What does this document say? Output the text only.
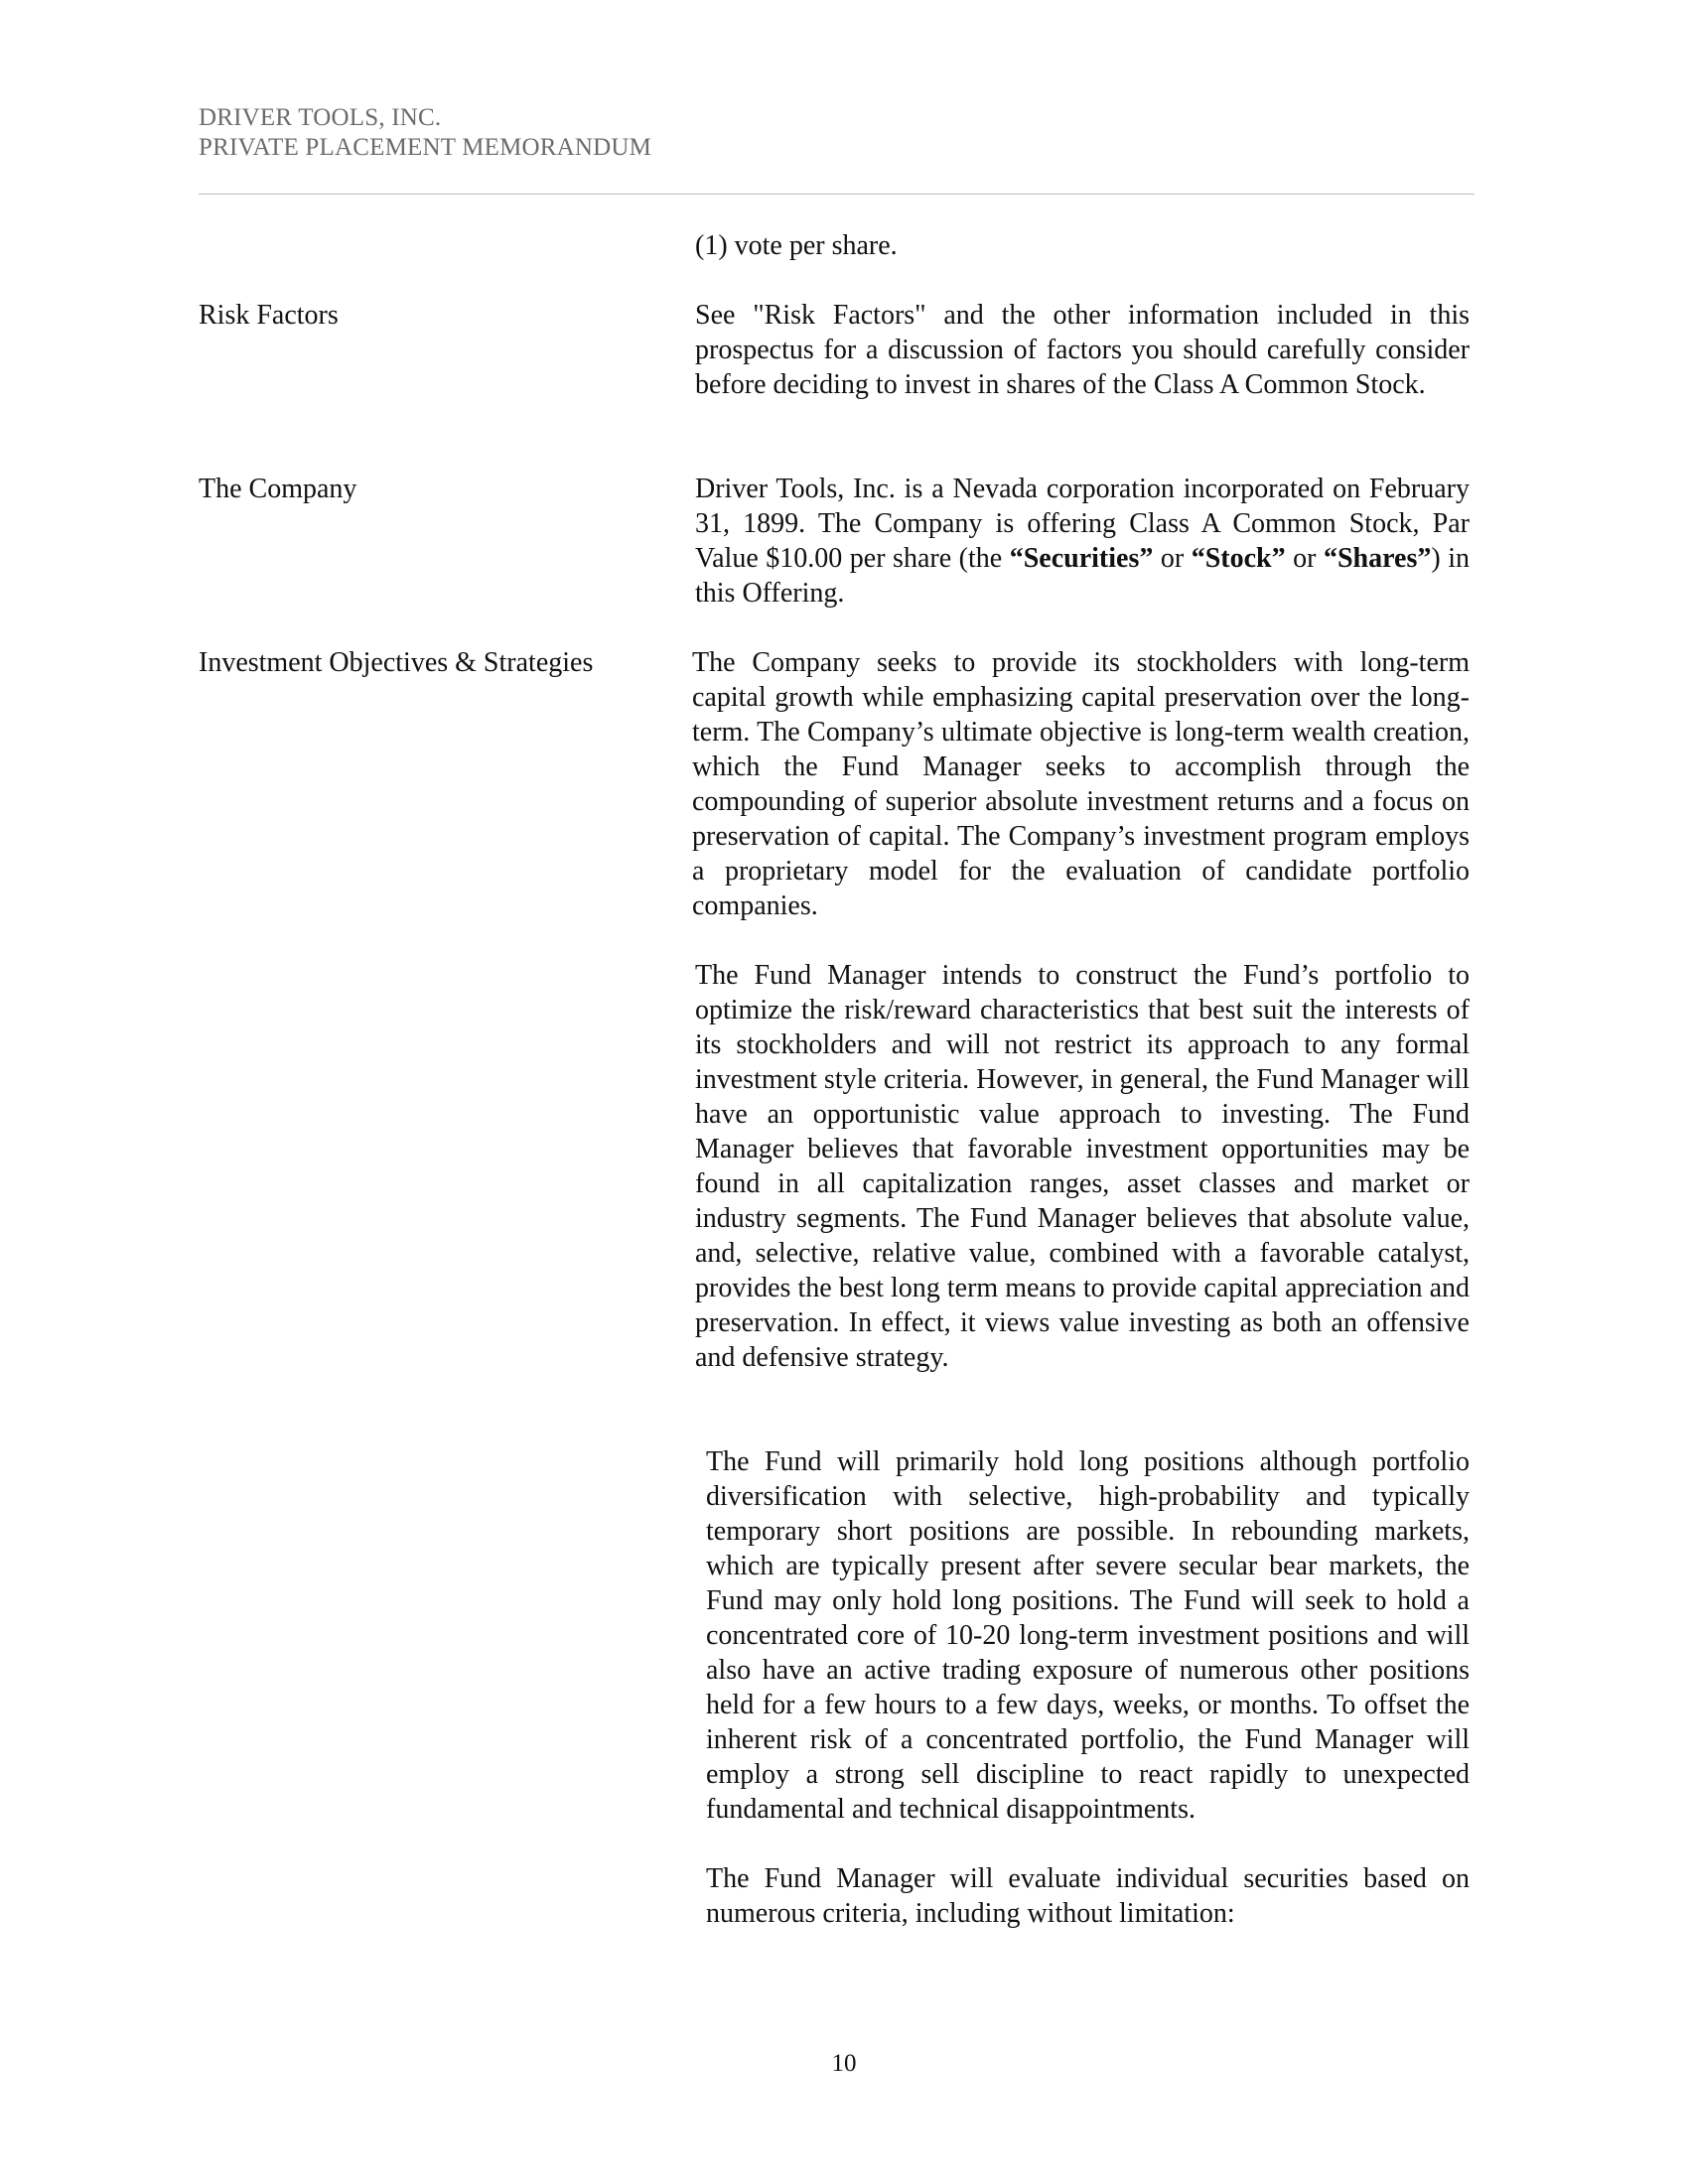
DRIVER TOOLS, INC.
PRIVATE PLACEMENT MEMORANDUM

(1) vote per share.

Risk Factors	See "Risk Factors" and the other information included in this prospectus for a discussion of factors you should carefully consider before deciding to invest in shares of the Class A Common Stock.

The Company	Driver Tools, Inc. is a Nevada corporation incorporated on February 31, 1899. The Company is offering Class A Common Stock, Par Value $10.00 per share (the “Securities” or “Stock” or “Shares”) in this Offering.

Investment Objectives & Strategies	The Company seeks to provide its stockholders with long-term capital growth while emphasizing capital preservation over the long-term. The Company’s ultimate objective is long-term wealth creation, which the Fund Manager seeks to accomplish through the compounding of superior absolute investment returns and a focus on preservation of capital. The Company’s investment program employs a proprietary model for the evaluation of candidate portfolio companies.

The Fund Manager intends to construct the Fund’s portfolio to optimize the risk/reward characteristics that best suit the interests of its stockholders and will not restrict its approach to any formal investment style criteria. However, in general, the Fund Manager will have an opportunistic value approach to investing. The Fund Manager believes that favorable investment opportunities may be found in all capitalization ranges, asset classes and market or industry segments. The Fund Manager believes that absolute value, and, selective, relative value, combined with a favorable catalyst, provides the best long term means to provide capital appreciation and preservation. In effect, it views value investing as both an offensive and defensive strategy.

The Fund will primarily hold long positions although portfolio diversification with selective, high-probability and typically temporary short positions are possible. In rebounding markets, which are typically present after severe secular bear markets, the Fund may only hold long positions. The Fund will seek to hold a concentrated core of 10-20 long-term investment positions and will also have an active trading exposure of numerous other positions held for a few hours to a few days, weeks, or months. To offset the inherent risk of a concentrated portfolio, the Fund Manager will employ a strong sell discipline to react rapidly to unexpected fundamental and technical disappointments.

The Fund Manager will evaluate individual securities based on numerous criteria, including without limitation:

10
